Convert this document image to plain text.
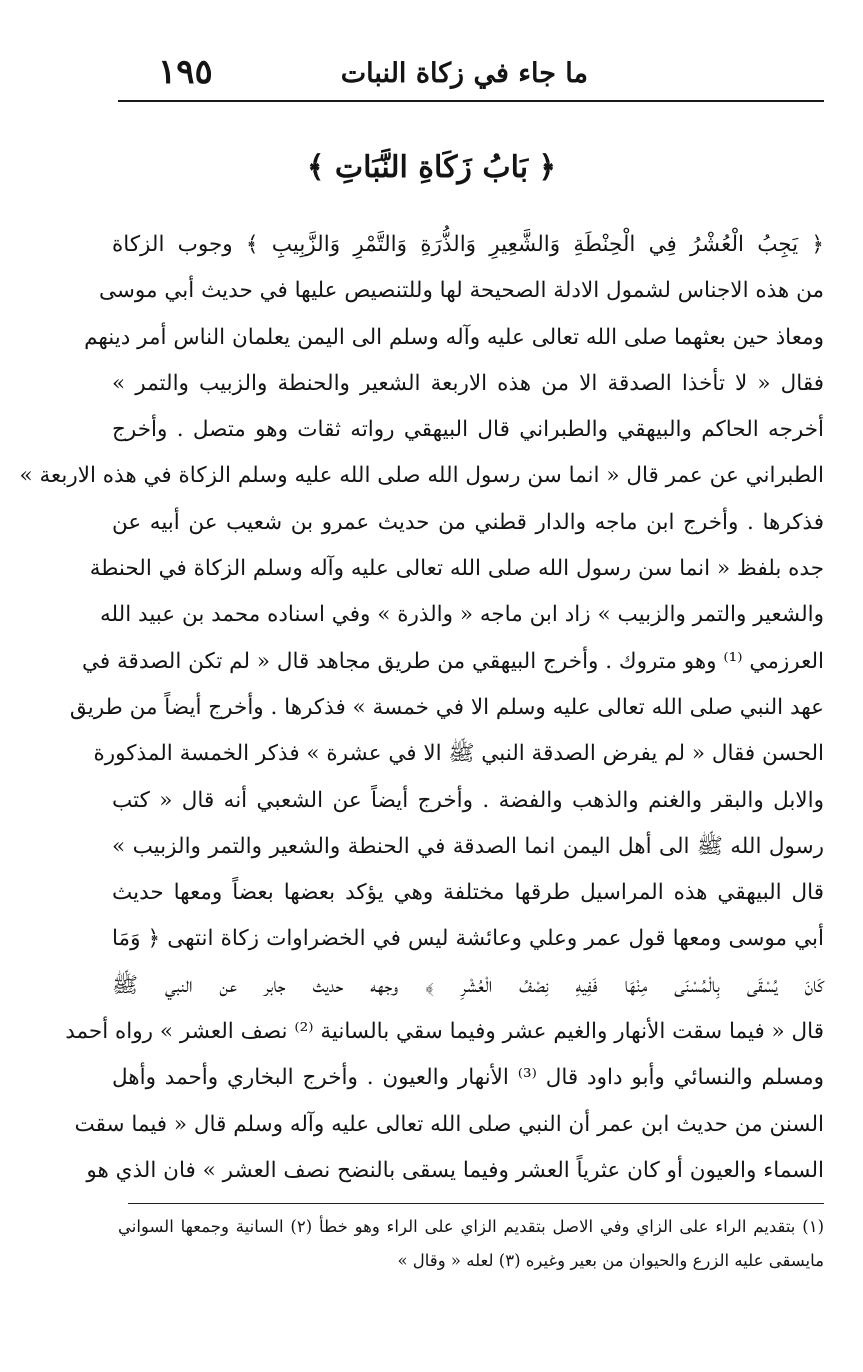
ما جاء في زكاة النبات
١٩٥
﴿ بَابُ زَكَاةِ النَّبَاتِ ﴾
﴿ يَجِبُ الْعُشْرُ فِي الْحِنْطَةِ وَالشَّعِيرِ وَالذُّرَةِ وَالتَّمْرِ وَالزَّبِيبِ ﴾ وجوب الزكاة
من هذه الاجناس لشمول الادلة الصحيحة لها وللتنصيص عليها في حديث أبي موسى
ومعاذ حين بعثهما صلى الله تعالى عليه وآله وسلم الى اليمن يعلمان الناس أمر دينهم
فقال « لا تأخذا الصدقة الا من هذه الاربعة الشعير والحنطة والزبيب والتمر »
أخرجه الحاكم والبيهقي والطبراني قال البيهقي رواته ثقات وهو متصل . وأخرج
الطبراني عن عمر قال « انما سن رسول الله صلى الله عليه وسلم الزكاة في هذه الاربعة »
فذكرها . وأخرج ابن ماجه والدار قطني من حديث عمرو بن شعيب عن أبيه عن
جده بلفظ « انما سن رسول الله صلى الله تعالى عليه وآله وسلم الزكاة في الحنطة
والشعير والتمر والزبيب » زاد ابن ماجه « والذرة » وفي اسناده محمد بن عبيد الله
العرزمي ⁽¹⁾ وهو متروك . وأخرج البيهقي من طريق مجاهد قال « لم تكن الصدقة في
عهد النبي صلى الله تعالى عليه وسلم الا في خمسة » فذكرها . وأخرج أيضاً من طريق
الحسن فقال « لم يفرض الصدقة النبي ﷺ الا في عشرة » فذكر الخمسة المذكورة
والابل والبقر والغنم والذهب والفضة . وأخرج أيضاً عن الشعبي أنه قال « كتب
رسول الله ﷺ الى أهل اليمن انما الصدقة في الحنطة والشعير والتمر والزبيب »
قال البيهقي هذه المراسيل طرقها مختلفة وهي يؤكد بعضها بعضاً ومعها حديث
أبي موسى ومعها قول عمر وعلي وعائشة ليس في الخضراوات زكاة انتهى ﴿ وَمَا
كَانَ يُسْقَى بِالْمُسْنَى مِنْهَا فَفِيهِ نِصْفُ الْعُشْرِ ﴾ وجهه حديث جابر عن النبي ﷺ
قال « فيما سقت الأنهار والغيم عشر وفيما سقي بالسانية ⁽²⁾ نصف العشر » رواه أحمد
ومسلم والنسائي وأبو داود قال ⁽³⁾ الأنهار والعيون . وأخرج البخاري وأحمد وأهل
السنن من حديث ابن عمر أن النبي صلى الله تعالى عليه وآله وسلم قال « فيما سقت
السماء والعيون أو كان عثرياً العشر وفيما يسقى بالنضح نصف العشر » فان الذي هو
(١) بتقديم الراء على الزاي وفي الاصل بتقديم الزاي على الراء وهو خطأ (٢) السانية وجمعها السواني
مايسقى عليه الزرع والحيوان من بعير وغيره (٣) لعله « وقال »
